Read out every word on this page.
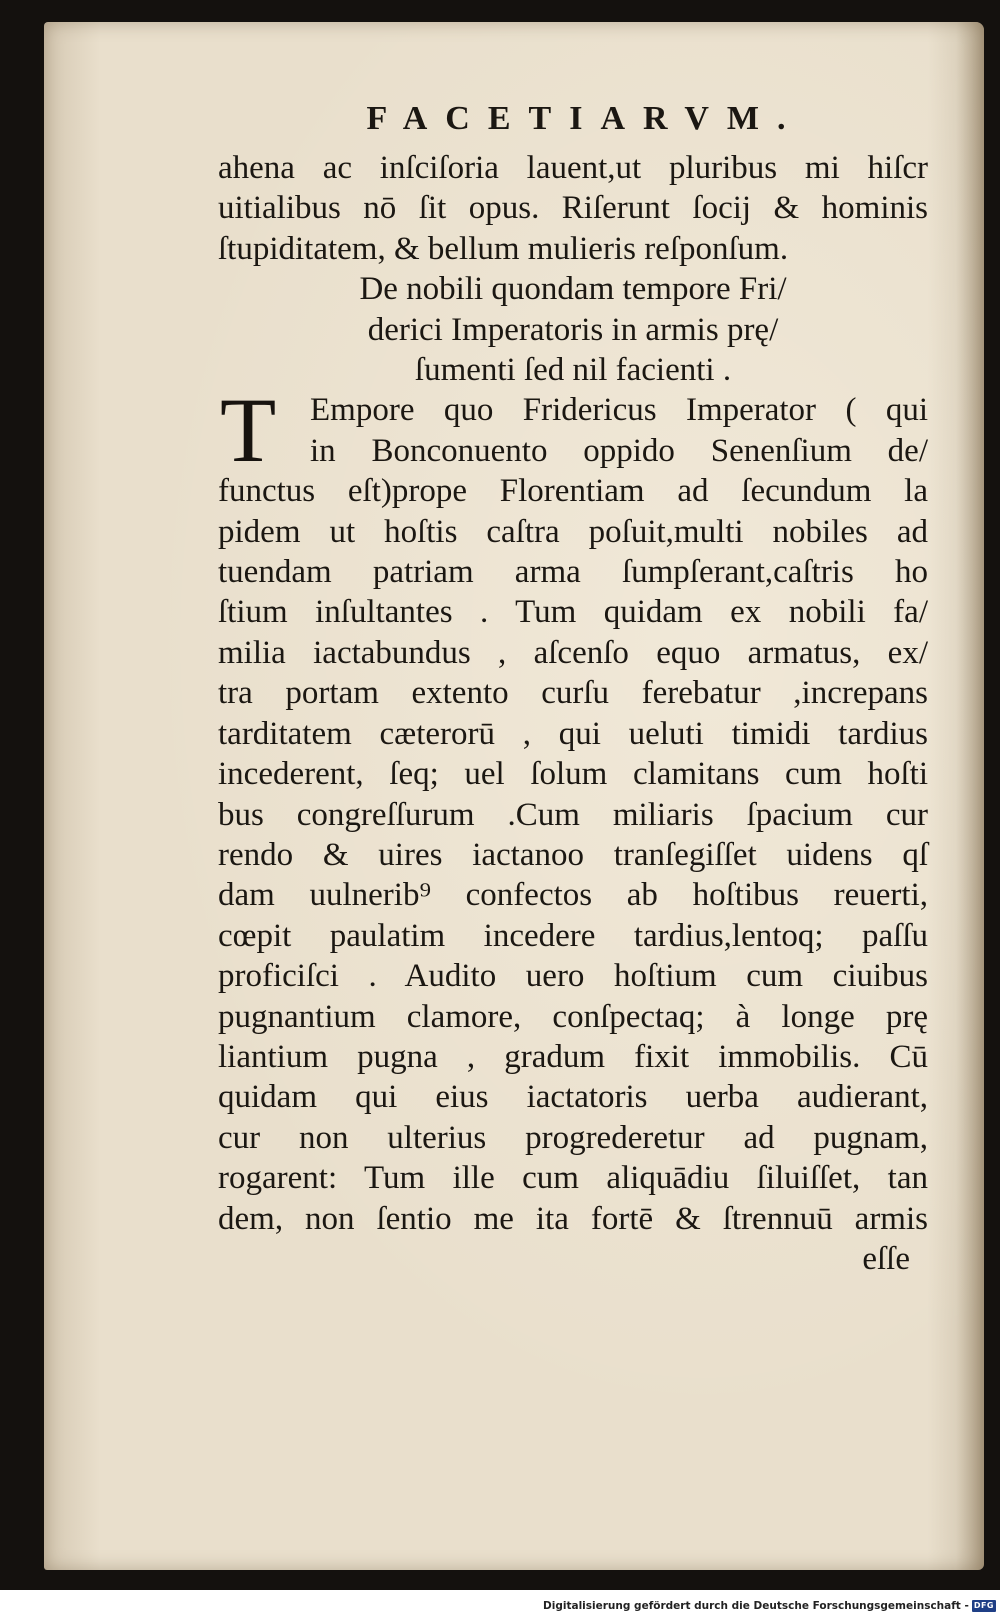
FACETIARVM.
ahena ac inſciſoria lauent,ut pluribus mi hiſcr
uitialibus nō ſit opus. Riſerunt ſocij & hominis
ſtupiditatem, & bellum mulieris reſponſum.
De nobili quondam tempore Fri/
derici Imperatoris in armis prę/
ſumenti ſed nil facienti .
T	Empore quo Fridericus Imperator ( qui
in Bonconuento oppido Senenſium de/
functus eſt)prope Florentiam ad ſecundum la
pidem ut hoſtis caſtra poſuit,multi nobiles ad
tuendam patriam arma ſumpſerant,caſtris ho
ſtium inſultantes . Tum quidam ex nobili fa/
milia iactabundus , aſcenſo equo armatus, ex/
tra portam extento curſu ferebatur ,increpans
tarditatem cæterorū , qui ueluti timidi tardius
incederent, ſeq; uel ſolum clamitans cum hoſti
bus congreſſurum .Cum miliaris ſpacium cur
rendo & uires iactanoo tranſegiſſet uidens qſ
dam uulnerib⁹ confectos ab hoſtibus reuerti,
cœpit paulatim incedere tardius,lentoq; paſſu
proficiſci . Audito uero hoſtium cum ciuibus
pugnantium clamore, conſpectaq; à longe prę
liantium pugna , gradum fixit immobilis. Cū
quidam qui eius iactatoris uerba audierant,
cur non ulterius progrederetur ad pugnam,
rogarent: Tum ille cum aliquādiu ſiluiſſet, tan
dem, non ſentio me ita fortē & ſtrennuū armis
eſſe
Digitalisierung gefördert durch die Deutsche Forschungsgemeinschaft - DFG
